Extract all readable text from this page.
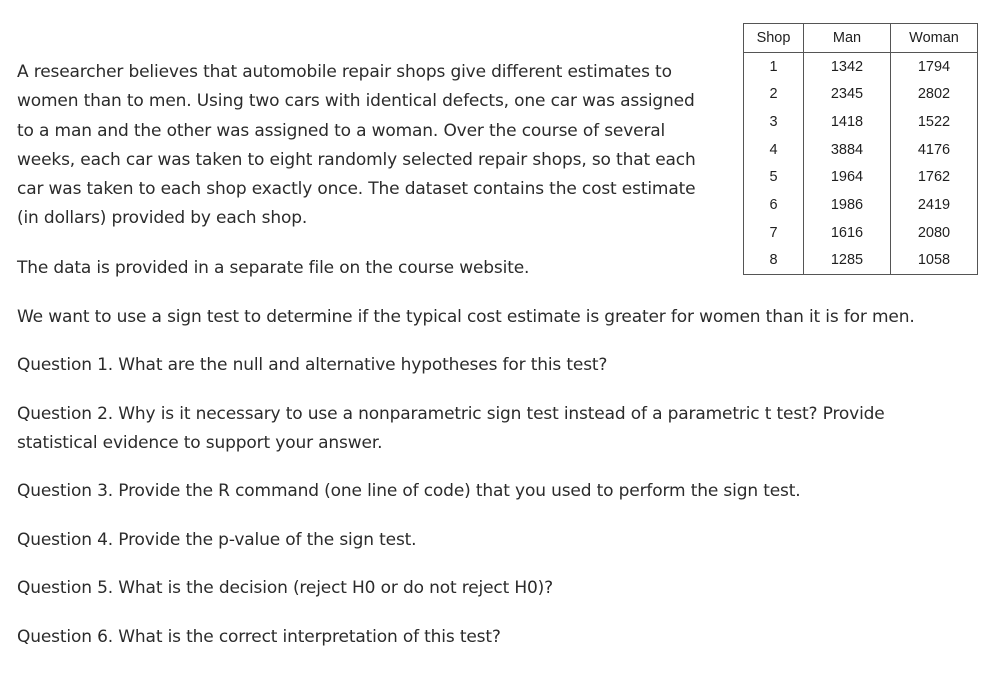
A researcher believes that automobile repair shops give different estimates to
women than to men. Using two cars with identical defects, one car was assigned
to a man and the other was assigned to a woman. Over the course of several
weeks, each car was taken to eight randomly selected repair shops, so that each
car was taken to each shop exactly once. The dataset contains the cost estimate
(in dollars) provided by each shop.

The data is provided in a separate file on the course website.

We want to use a sign test to determine if the typical cost estimate is greater for women than it is for men.

Question 1. What are the null and alternative hypotheses for this test?

Question 2. Why is it necessary to use a nonparametric sign test instead of a parametric t test? Provide
statistical evidence to support your answer.

Question 3. Provide the R command (one line of code) that you used to perform the sign test.

Question 4. Provide the p-value of the sign test.

Question 5. What is the decision (reject H0 or do not reject H0)?

Question 6. What is the correct interpretation of this test?

Shop	Man	Woman
1	1342	1794
2	2345	2802
3	1418	1522
4	3884	4176
5	1964	1762
6	1986	2419
7	1616	2080
8	1285	1058
